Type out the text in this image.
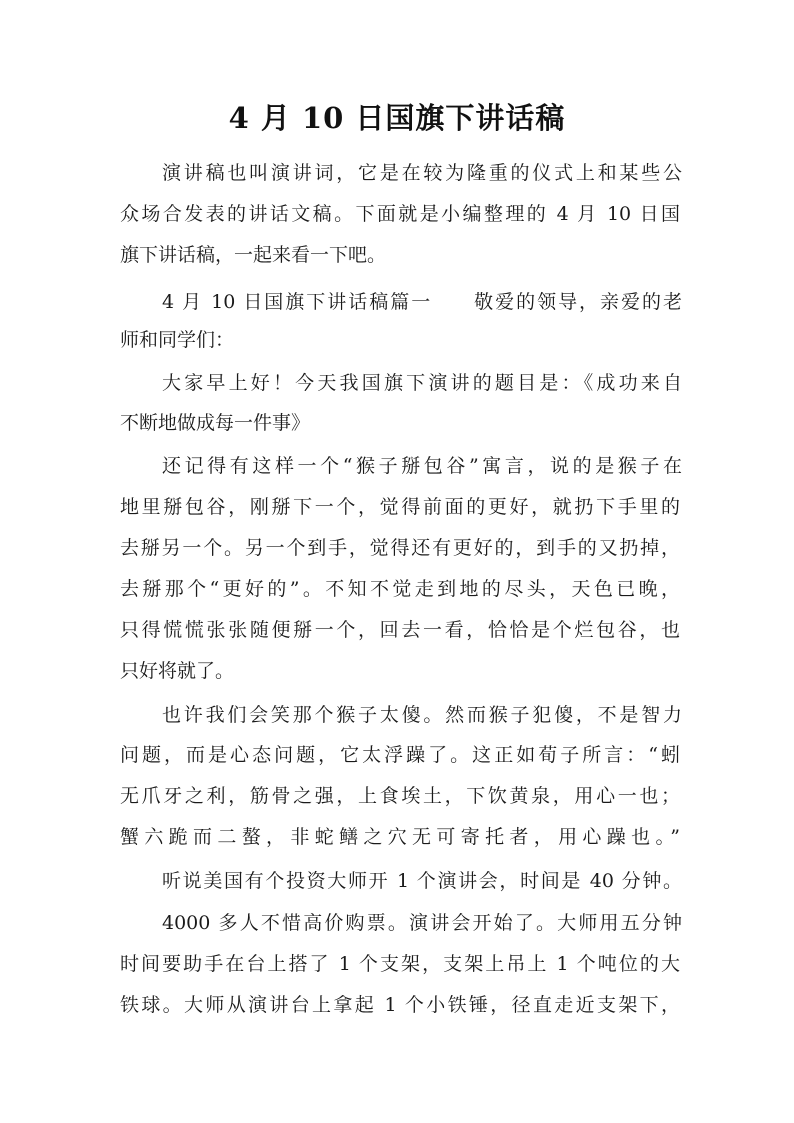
4 月 10 日国旗下讲话稿
演讲稿也叫演讲词，它是在较为隆重的仪式上和某些公
众场合发表的讲话文稿。下面就是小编整理的 4 月 10 日国
旗下讲话稿，一起来看一下吧。
4 月 10 日国旗下讲话稿篇一　　敬爱的领导，亲爱的老
师和同学们：
大家早上好！今天我国旗下演讲的题目是：《成功来自
不断地做成每一件事》
还记得有这样一个“猴子掰包谷”寓言，说的是猴子在
地里掰包谷，刚掰下一个，觉得前面的更好，就扔下手里的
去掰另一个。另一个到手，觉得还有更好的，到手的又扔掉，
去掰那个“更好的”。不知不觉走到地的尽头，天色已晚，
只得慌慌张张随便掰一个，回去一看，恰恰是个烂包谷，也
只好将就了。
也许我们会笑那个猴子太傻。然而猴子犯傻，不是智力
问题，而是心态问题，它太浮躁了。这正如荀子所言：“蚓
无爪牙之利，筋骨之强，上食埃土，下饮黄泉，用心一也；
蟹六跪而二螯，非蛇鳝之穴无可寄托者，用心躁也。”
听说美国有个投资大师开 1 个演讲会，时间是 40 分钟。
4000 多人不惜高价购票。演讲会开始了。大师用五分钟
时间要助手在台上搭了 1 个支架，支架上吊上 1 个吨位的大
铁球。大师从演讲台上拿起 1 个小铁锤，径直走近支架下，
